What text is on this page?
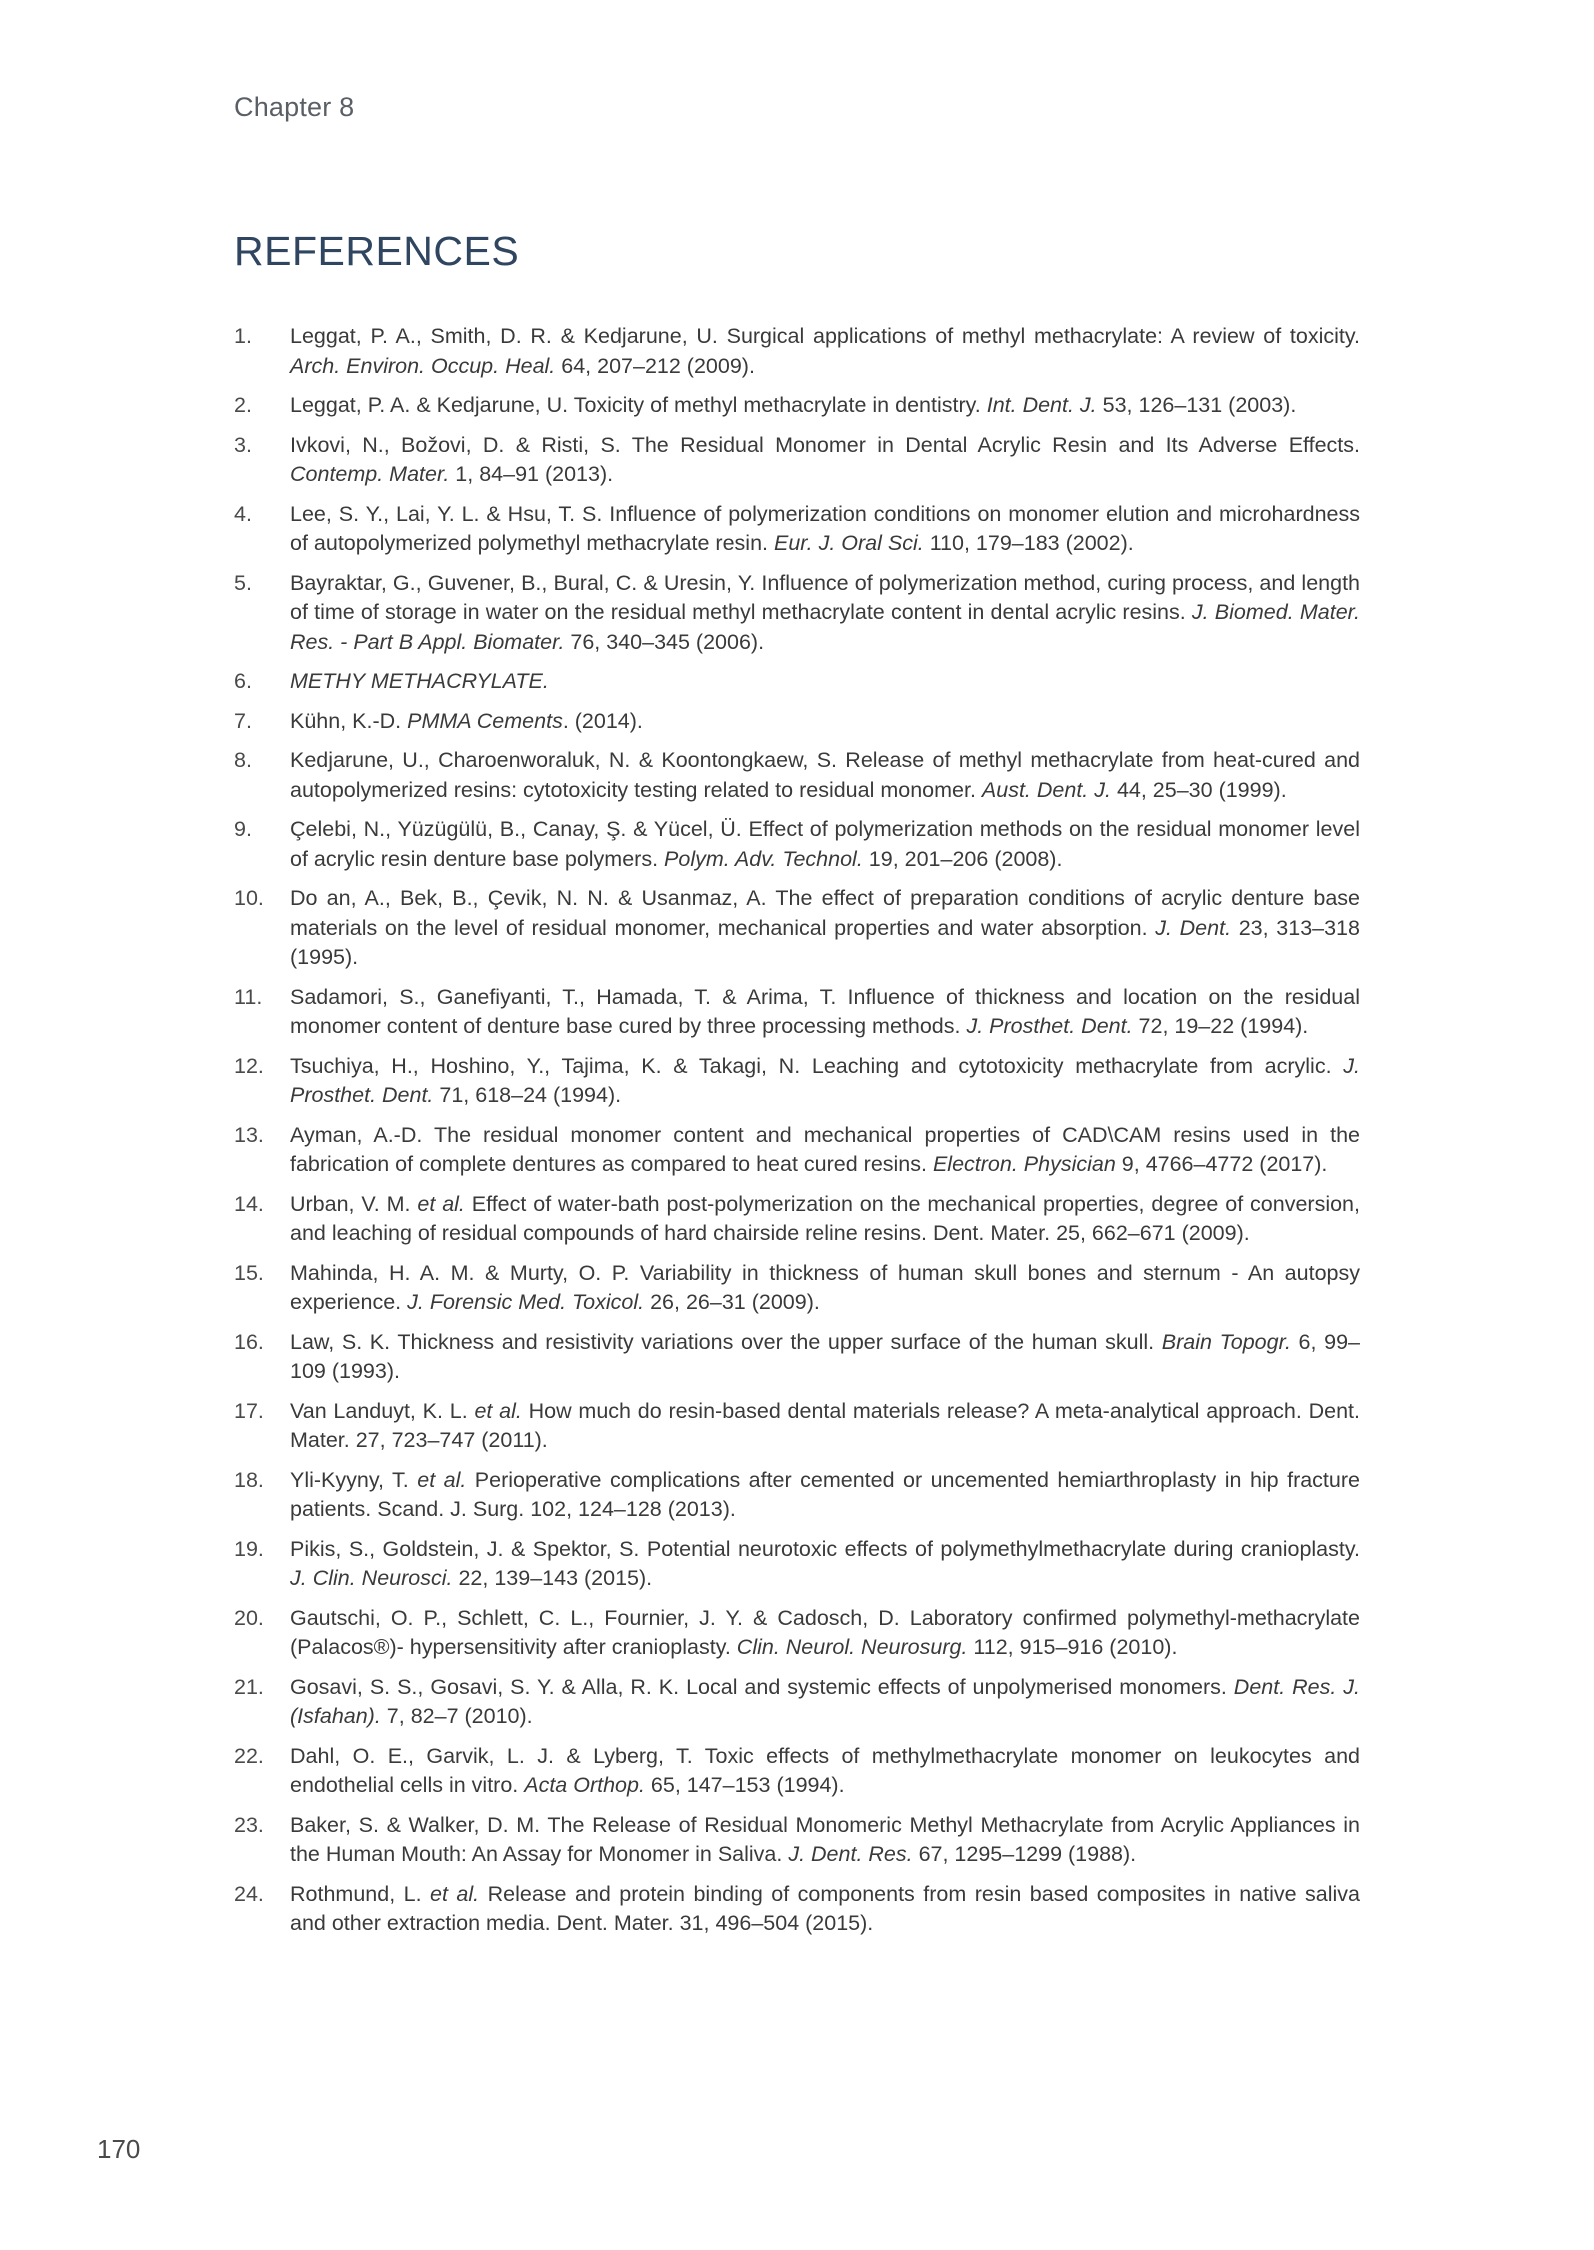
Chapter 8
REFERENCES
1.	Leggat, P. A., Smith, D. R. & Kedjarune, U. Surgical applications of methyl methacrylate: A review of toxicity. Arch. Environ. Occup. Heal. 64, 207–212 (2009).
2.	Leggat, P. A. & Kedjarune, U. Toxicity of methyl methacrylate in dentistry. Int. Dent. J. 53, 126–131 (2003).
3.	Ivkovi, N., Božovi, D. & Risti, S. The Residual Monomer in Dental Acrylic Resin and Its Adverse Effects. Contemp. Mater. 1, 84–91 (2013).
4.	Lee, S. Y., Lai, Y. L. & Hsu, T. S. Influence of polymerization conditions on monomer elution and microhardness of autopolymerized polymethyl methacrylate resin. Eur. J. Oral Sci. 110, 179–183 (2002).
5.	Bayraktar, G., Guvener, B., Bural, C. & Uresin, Y. Influence of polymerization method, curing process, and length of time of storage in water on the residual methyl methacrylate content in dental acrylic resins. J. Biomed. Mater. Res. - Part B Appl. Biomater. 76, 340–345 (2006).
6.	METHY METHACRYLATE.
7.	Kühn, K.-D. PMMA Cements. (2014).
8.	Kedjarune, U., Charoenworaluk, N. & Koontongkaew, S. Release of methyl methacrylate from heat-cured and autopolymerized resins: cytotoxicity testing related to residual monomer. Aust. Dent. J. 44, 25–30 (1999).
9.	Çelebi, N., Yüzügülü, B., Canay, Ş. & Yücel, Ü. Effect of polymerization methods on the residual monomer level of acrylic resin denture base polymers. Polym. Adv. Technol. 19, 201–206 (2008).
10.	Do an, A., Bek, B., Çevik, N. N. & Usanmaz, A. The effect of preparation conditions of acrylic denture base materials on the level of residual monomer, mechanical properties and water absorption. J. Dent. 23, 313–318 (1995).
11.	Sadamori, S., Ganefiyanti, T., Hamada, T. & Arima, T. Influence of thickness and location on the residual monomer content of denture base cured by three processing methods. J. Prosthet. Dent. 72, 19–22 (1994).
12.	Tsuchiya, H., Hoshino, Y., Tajima, K. & Takagi, N. Leaching and cytotoxicity methacrylate from acrylic. J. Prosthet. Dent. 71, 618–24 (1994).
13.	Ayman, A.-D. The residual monomer content and mechanical properties of CAD\CAM resins used in the fabrication of complete dentures as compared to heat cured resins. Electron. Physician 9, 4766–4772 (2017).
14.	Urban, V. M. et al. Effect of water-bath post-polymerization on the mechanical properties, degree of conversion, and leaching of residual compounds of hard chairside reline resins. Dent. Mater. 25, 662–671 (2009).
15.	Mahinda, H. A. M. & Murty, O. P. Variability in thickness of human skull bones and sternum - An autopsy experience. J. Forensic Med. Toxicol. 26, 26–31 (2009).
16.	Law, S. K. Thickness and resistivity variations over the upper surface of the human skull. Brain Topogr. 6, 99–109 (1993).
17.	Van Landuyt, K. L. et al. How much do resin-based dental materials release? A meta-analytical approach. Dent. Mater. 27, 723–747 (2011).
18.	Yli-Kyyny, T. et al. Perioperative complications after cemented or uncemented hemiarthroplasty in hip fracture patients. Scand. J. Surg. 102, 124–128 (2013).
19.	Pikis, S., Goldstein, J. & Spektor, S. Potential neurotoxic effects of polymethylmethacrylate during cranioplasty. J. Clin. Neurosci. 22, 139–143 (2015).
20.	Gautschi, O. P., Schlett, C. L., Fournier, J. Y. & Cadosch, D. Laboratory confirmed polymethyl-methacrylate (Palacos®)- hypersensitivity after cranioplasty. Clin. Neurol. Neurosurg. 112, 915–916 (2010).
21.	Gosavi, S. S., Gosavi, S. Y. & Alla, R. K. Local and systemic effects of unpolymerised monomers. Dent. Res. J. (Isfahan). 7, 82–7 (2010).
22.	Dahl, O. E., Garvik, L. J. & Lyberg, T. Toxic effects of methylmethacrylate monomer on leukocytes and endothelial cells in vitro. Acta Orthop. 65, 147–153 (1994).
23.	Baker, S. & Walker, D. M. The Release of Residual Monomeric Methyl Methacrylate from Acrylic Appliances in the Human Mouth: An Assay for Monomer in Saliva. J. Dent. Res. 67, 1295–1299 (1988).
24.	Rothmund, L. et al. Release and protein binding of components from resin based composites in native saliva and other extraction media. Dent. Mater. 31, 496–504 (2015).
170
